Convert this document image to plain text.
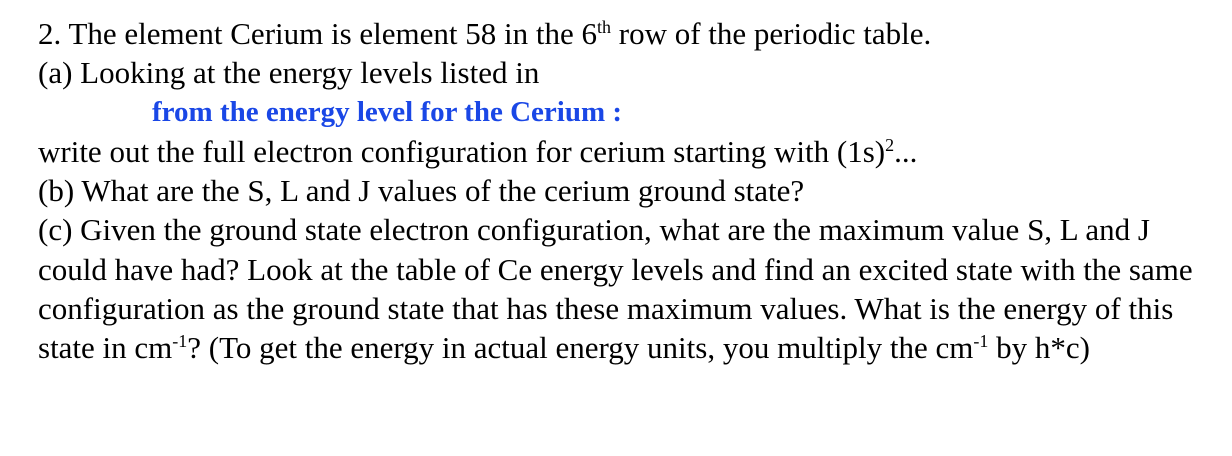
2. The element Cerium is element 58 in the 6th row of the periodic table.
(a) Looking at the energy levels listed in
from the energy level for the Cerium :
write out the full electron configuration for cerium starting with $(1s)^2$...
(b) What are the S, L and J values of the cerium ground state?
(c) Given the ground state electron configuration, what are the maximum value S, L and J could have had? Look at the table of Ce energy levels and find an excited state with the same configuration as the ground state that has these maximum values. What is the energy of this state in $cm^{-1}$? (To get the energy in actual energy units, you multiply the $cm^{-1}$ by h*c)
